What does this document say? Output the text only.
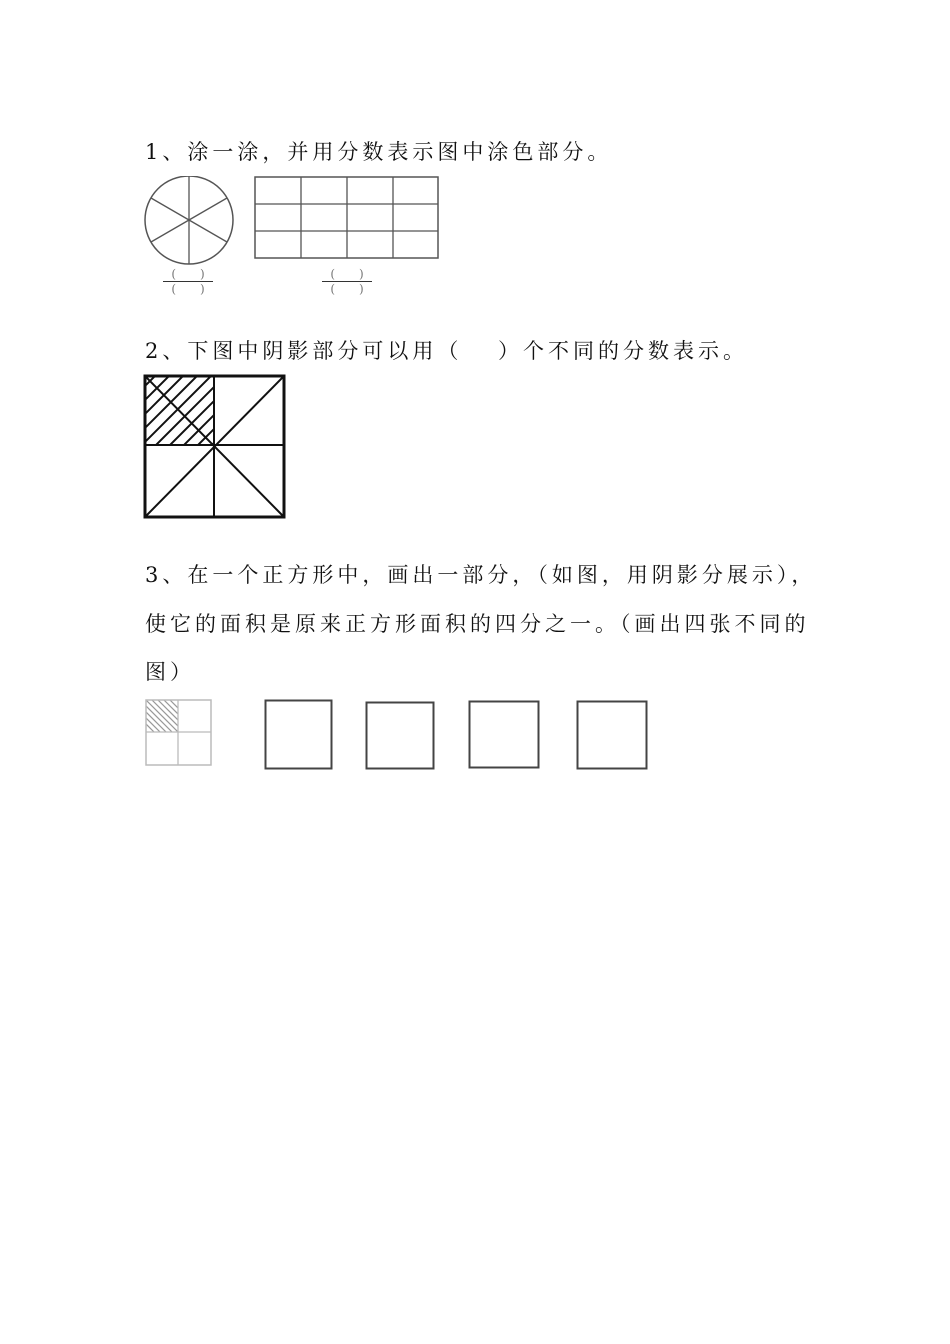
1、涂一涂，并用分数表示图中涂色部分。
(　　)
(　　)
(　　)
(　　)
2、下图中阴影部分可以用（　 ）个不同的分数表示。
3、在一个正方形中，画出一部分，（如图，用阴影分展示），
使它的面积是原来正方形面积的四分之一。（画出四张不同的
图）
